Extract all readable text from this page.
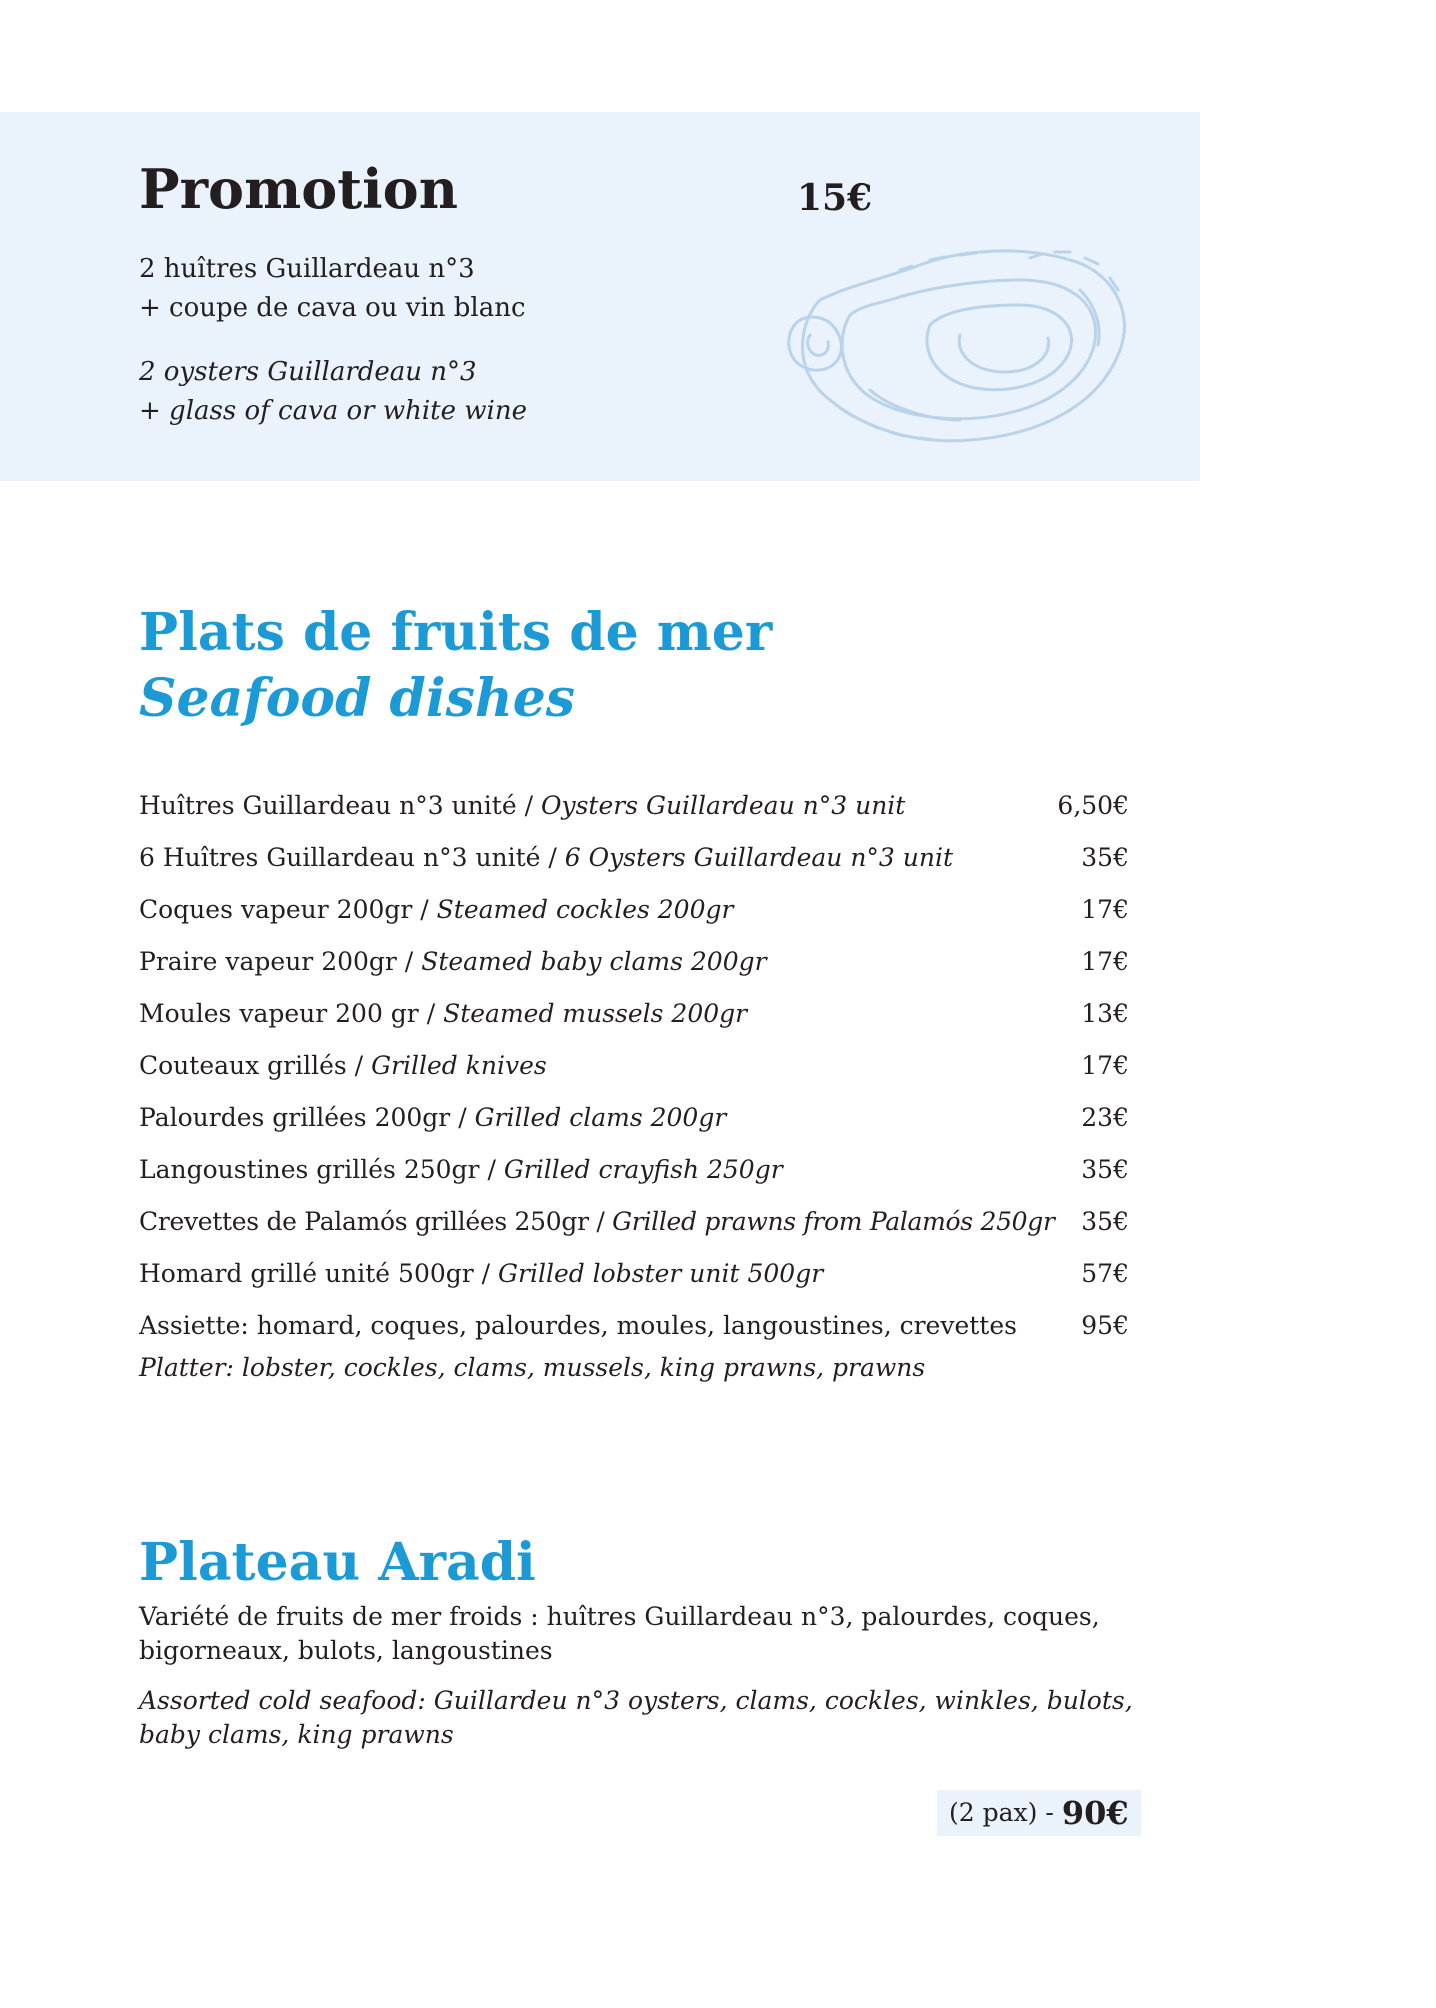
Promotion	15€

2 huîtres Guillardeau n°3

+ coupe de cava ou vin blanc

2 oysters Guillardeau n°3

+ glass of cava or white wine

Plats de fruits de mer
Seafood dishes
Huîtres Guillardeau n°3 unité / Oysters Guillardeau n°3 unit	6,50€
6 Huîtres Guillardeau n°3 unité / 6 Oysters Guillardeau n°3 unit	35€
Coques vapeur 200gr / Steamed cockles 200gr	17€
Praire vapeur 200gr / Steamed baby clams 200gr	17€
Moules vapeur 200 gr / Steamed mussels 200gr	13€
Couteaux grillés / Grilled knives	17€
Palourdes grillées 200gr / Grilled clams 200gr	23€
Langoustines grillés 250gr / Grilled crayfish 250gr	35€
Crevettes de Palamós grillées 250gr / Grilled prawns from Palamós 250gr	35€
Homard grillé unité 500gr / Grilled lobster unit 500gr	57€
Assiette: homard, coques, palourdes, moules, langoustines, crevettes	95€
Platter: lobster, cockles, clams, mussels, king prawns, prawns
Plateau Aradi

Variété de fruits de mer froids : huîtres Guillardeau n°3, palourdes, coques,

bigorneaux, bulots, langoustines

Assorted cold seafood: Guillardeu n°3 oysters, clams, cockles, winkles, bulots,

baby clams, king prawns

(2 pax) - 90€
